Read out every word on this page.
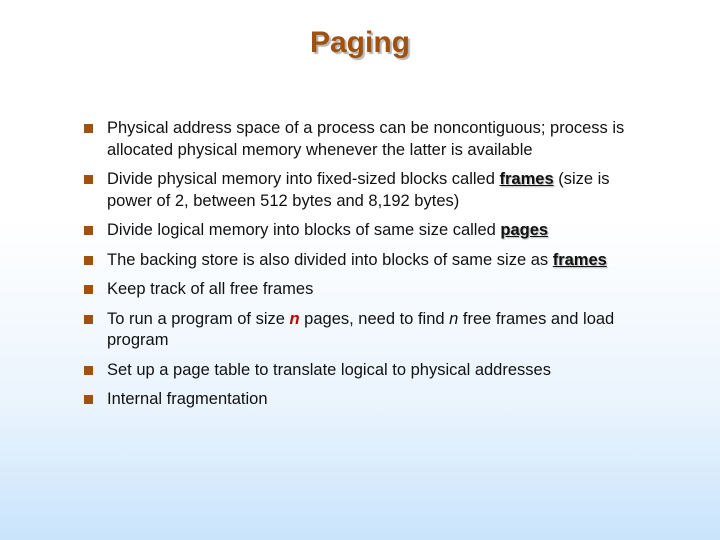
Paging
Physical address space of a process can be noncontiguous; process is allocated physical memory whenever the latter is available
Divide physical memory into fixed-sized blocks called frames (size is power of 2, between 512 bytes and 8,192 bytes)
Divide logical memory into blocks of same size called pages
The backing store is also divided into blocks of same size as frames
Keep track of all free frames
To run a program of size n pages, need to find n free frames and load program
Set up a page table to translate logical to physical addresses
Internal fragmentation
